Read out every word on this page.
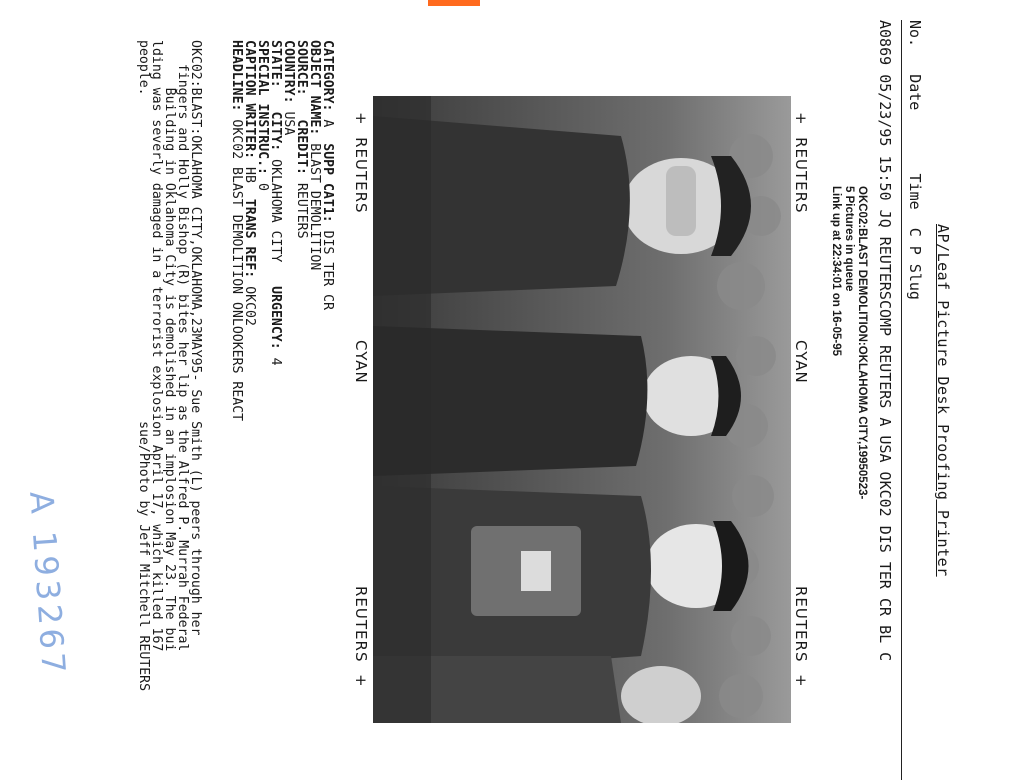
AP/Leaf Picture Desk Proofing Printer
No.   Date       Time  C P Slug
A0869 05/23/95 15:50 JQ REUTERSCOMP REUTERS A USA OKC02 DIS TER CR BL C
OKC02:BLAST DEMOLITION:OKLAHOMA CITY,19950523-
5 Pictures in queue
Link up at 22:34:01 on 16-05-95
+  REUTERS
CYAN
REUTERS  +
+  REUTERS
CYAN
REUTERS  +
CATEGORY: A  SUPP CAT1: DIS TER CR
OBJECT NAME: BLAST DEMOLITION
SOURCE:   CREDIT: REUTERS
COUNTRY: USA
STATE:   CITY: OKLAHOMA CITY   URGENCY: 4
SPECIAL INSTRUC.: 0
CAPTION WRITER: HB  TRANS REF: OKC02
HEADLINE: OKC02 BLAST DEMOLITION ONLOOKERS REACT
OKC02:BLAST:OKLAHOMA CITY,OKLAHOMA,23MAY95- Sue Smith (L) peers through her
fingers and Holly Bishop (R) bites her lip as the Alfred P. Murrah Federal
Building in Oklahoma City is demolished in an implosion May 23. The bui
lding was severly damaged in a terrorist explosion April 17, which killed 167
people.                                         sue/Photo by Jeff Mitchell REUTERS
A 193267
